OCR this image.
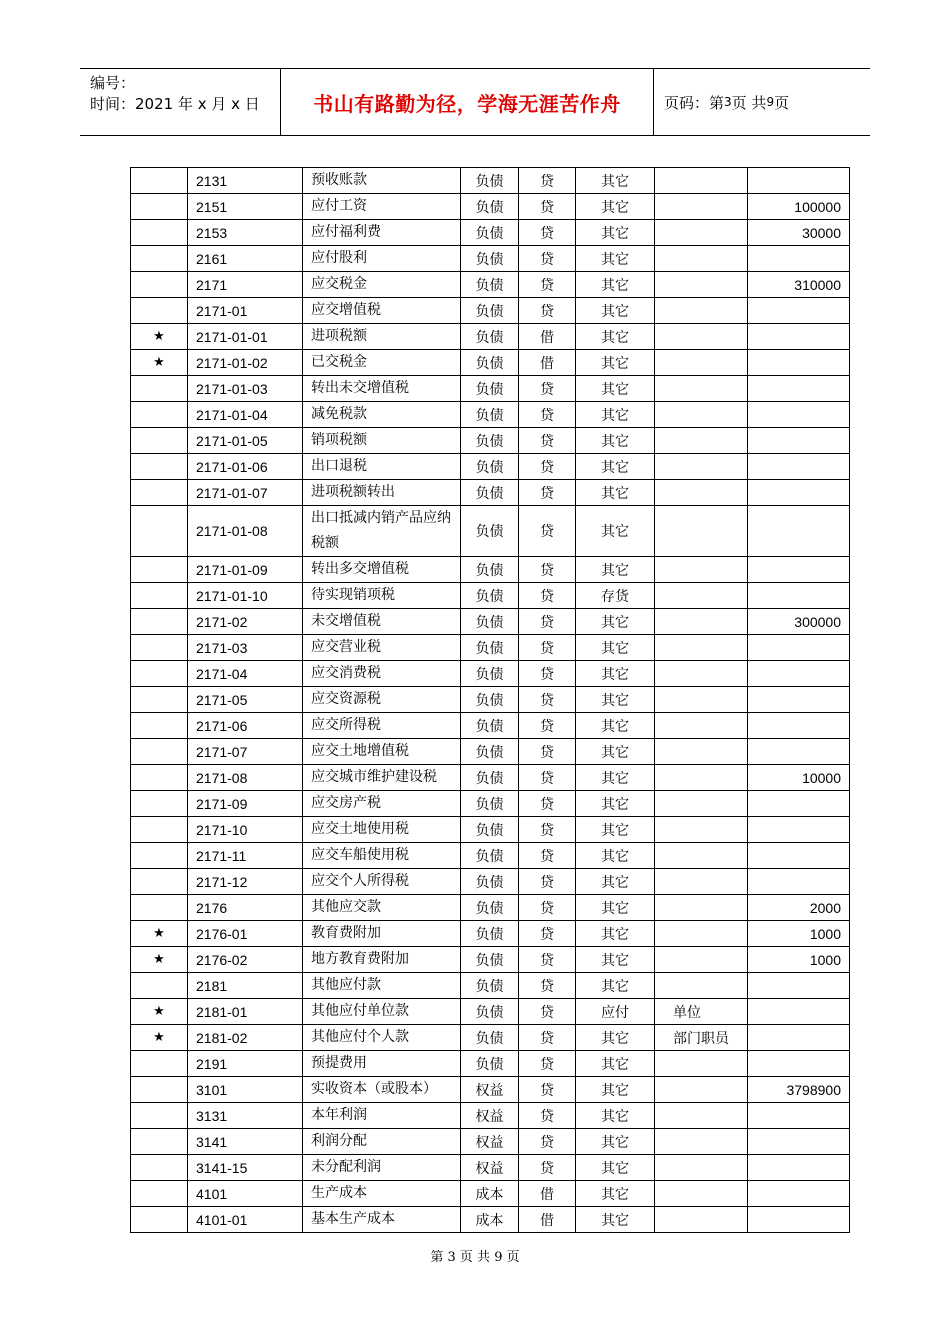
编号：
时间：2021 年 x 月 x 日	书山有路勤为径，学海无涯苦作舟	页码：第 3 页 共 9 页
	2131	预收账款	负债	贷	其它		
	2151	应付工资	负债	贷	其它		100000
	2153	应付福利费	负债	贷	其它		30000
	2161	应付股利	负债	贷	其它		
	2171	应交税金	负债	贷	其它		310000
	2171-01	应交增值税	负债	贷	其它		
★	2171-01-01	进项税额	负债	借	其它		
★	2171-01-02	已交税金	负债	借	其它		
	2171-01-03	转出未交增值税	负债	贷	其它		
	2171-01-04	减免税款	负债	贷	其它		
	2171-01-05	销项税额	负债	贷	其它		
	2171-01-06	出口退税	负债	贷	其它		
	2171-01-07	进项税额转出	负债	贷	其它		
	2171-01-08	出口抵减内销产品应纳税额	负债	贷	其它		
	2171-01-09	转出多交增值税	负债	贷	其它		
	2171-01-10	待实现销项税	负债	贷	存货		
	2171-02	未交增值税	负债	贷	其它		300000
	2171-03	应交营业税	负债	贷	其它		
	2171-04	应交消费税	负债	贷	其它		
	2171-05	应交资源税	负债	贷	其它		
	2171-06	应交所得税	负债	贷	其它		
	2171-07	应交土地增值税	负债	贷	其它		
	2171-08	应交城市维护建设税	负债	贷	其它		10000
	2171-09	应交房产税	负债	贷	其它		
	2171-10	应交土地使用税	负债	贷	其它		
	2171-11	应交车船使用税	负债	贷	其它		
	2171-12	应交个人所得税	负债	贷	其它		
	2176	其他应交款	负债	贷	其它		2000
★	2176-01	教育费附加	负债	贷	其它		1000
★	2176-02	地方教育费附加	负债	贷	其它		1000
	2181	其他应付款	负债	贷	其它		
★	2181-01	其他应付单位款	负债	贷	应付	单位	
★	2181-02	其他应付个人款	负债	贷	其它	部门职员	
	2191	预提费用	负债	贷	其它		
	3101	实收资本（或股本）	权益	贷	其它		3798900
	3131	本年利润	权益	贷	其它		
	3141	利润分配	权益	贷	其它		
	3141-15	未分配利润	权益	贷	其它		
	4101	生产成本	成本	借	其它		
	4101-01	基本生产成本	成本	借	其它		
第 3 页 共 9 页
